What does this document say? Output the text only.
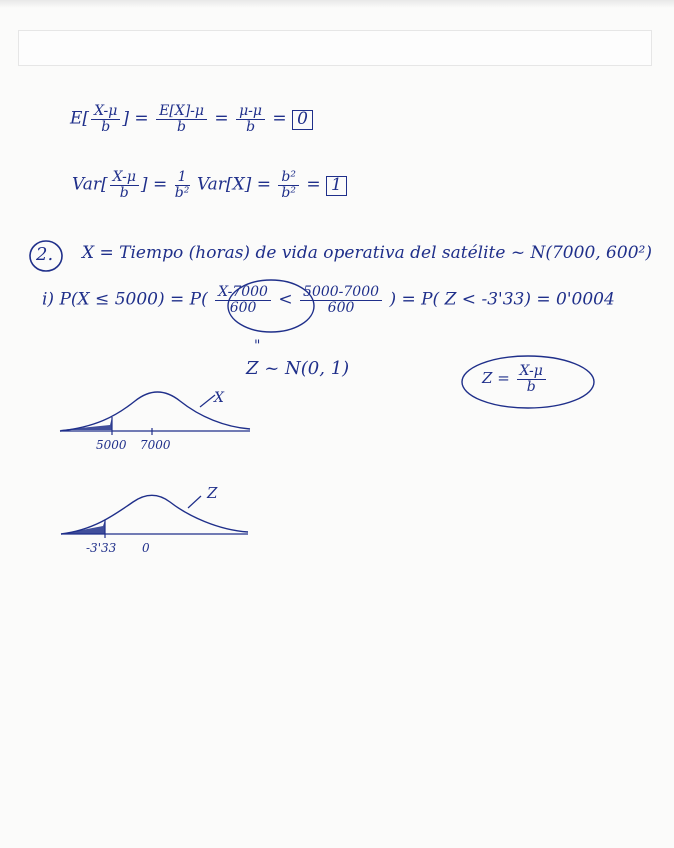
$E[ \frac{X-\mu}{b}$ ] = $\frac{E[X]-\mu}{b} = \frac{\mu-\mu}{b} = 0$
$Var[ \frac{X-\mu}{b}$ ] = $\frac{1}{\text{b²}} Var[X] = \frac{\text{b²}}{\text{b²}} = 1$
2. X = Tiempo (horas) de vida operativa del satélite ~ N(7000, 600²)
i) $P(X \le 5000) = P( \frac{X-7000}{600} < \frac{5000-7000}{600}$ ) = P( Z < -3'33) = 0'0004
"
Z ~ N(0, 1)	$Z = \frac{X-\mu}{b}$
X
5000 7000
Z
-3'33 0
